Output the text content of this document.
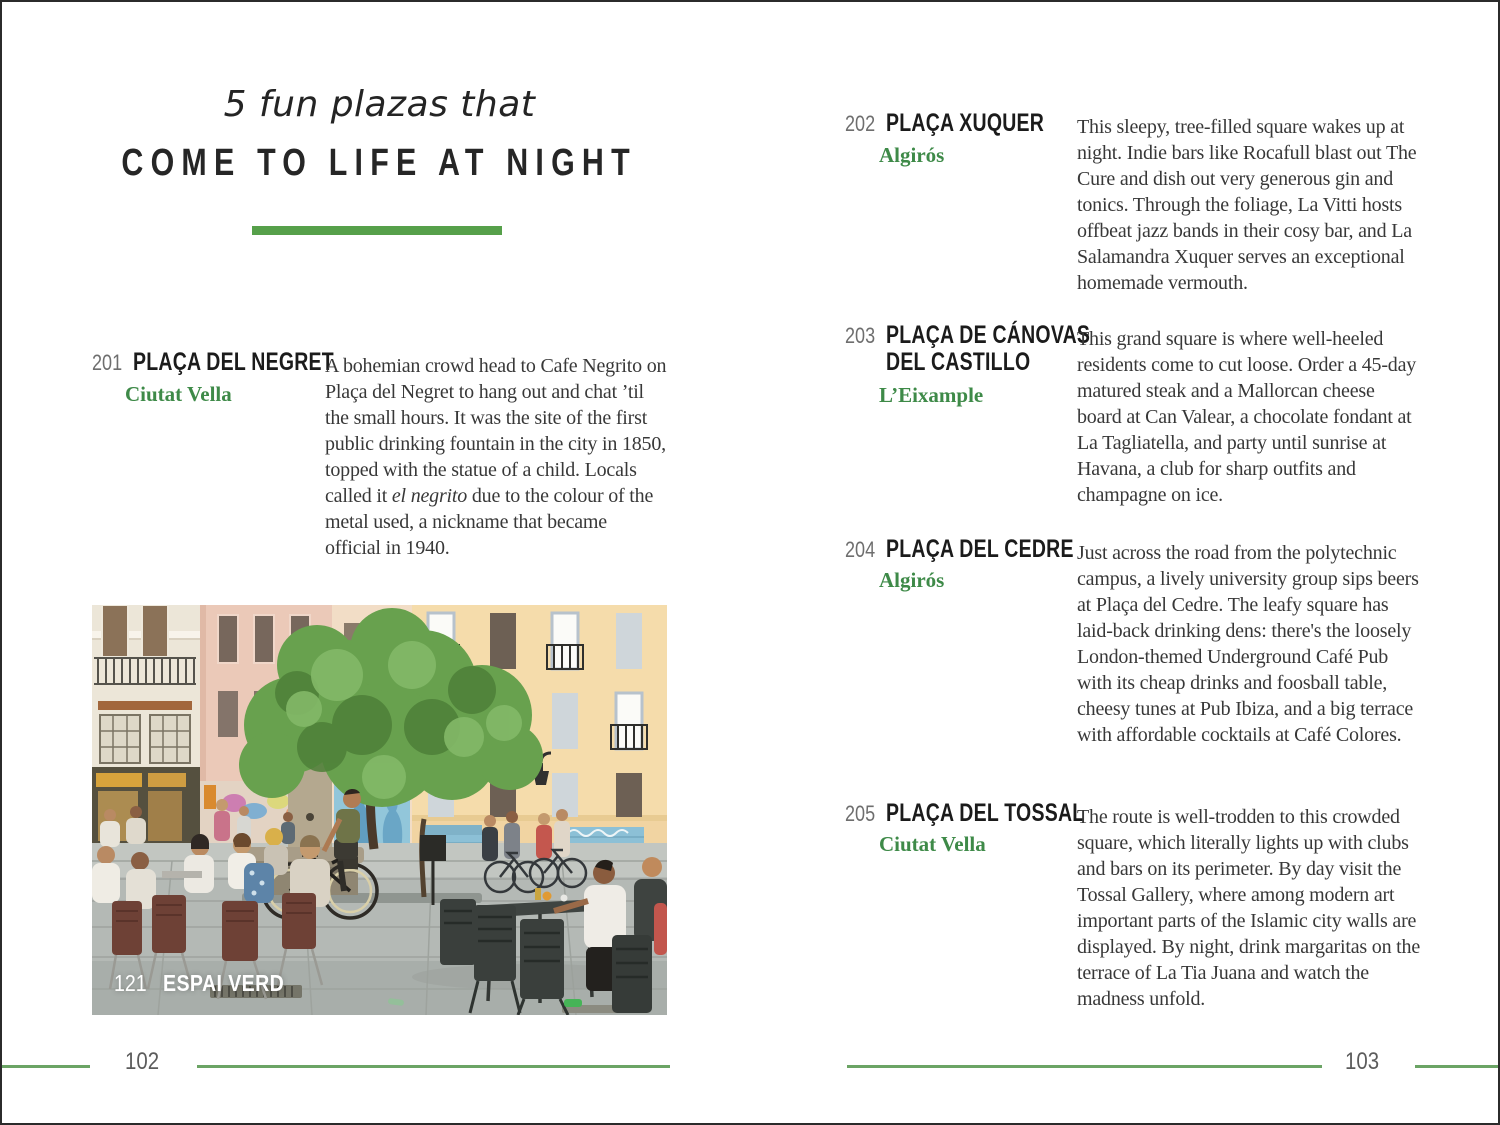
5 fun plazas that
COME TO LIFE AT NIGHT
201 PLAÇA DEL NEGRET
Ciutat Vella
A bohemian crowd head to Cafe Negrito on Plaça del Negret to hang out and chat ’til the small hours. It was the site of the first public drinking fountain in the city in 1850, topped with the statue of a child. Locals called it el negrito due to the colour of the metal used, a nickname that became official in 1940.
121 ESPAI VERD
202 PLAÇA XUQUER
Algirós
This sleepy, tree-filled square wakes up at night. Indie bars like Rocafull blast out The Cure and dish out very generous gin and tonics. Through the foliage, La Vitti hosts offbeat jazz bands in their cosy bar, and La Salamandra Xuquer serves an exceptional homemade vermouth.
203 PLAÇA DE CÁNOVAS DEL CASTILLO
L’Eixample
This grand square is where well-heeled residents come to cut loose. Order a 45-day matured steak and a Mallorcan cheese board at Can Valear, a chocolate fondant at La Tagliatella, and party until sunrise at Havana, a club for sharp outfits and champagne on ice.
204 PLAÇA DEL CEDRE
Algirós
Just across the road from the polytechnic campus, a lively university group sips beers at Plaça del Cedre. The leafy square has laid-back drinking dens: there's the loosely London-themed Underground Café Pub with its cheap drinks and foosball table, cheesy tunes at Pub Ibiza, and a big terrace with affordable cocktails at Café Colores.
205 PLAÇA DEL TOSSAL
Ciutat Vella
The route is well-trodden to this crowded square, which literally lights up with clubs and bars on its perimeter. By day visit the Tossal Gallery, where among modern art important parts of the Islamic city walls are displayed. By night, drink margaritas on the terrace of La Tia Juana and watch the madness unfold.
102	103
